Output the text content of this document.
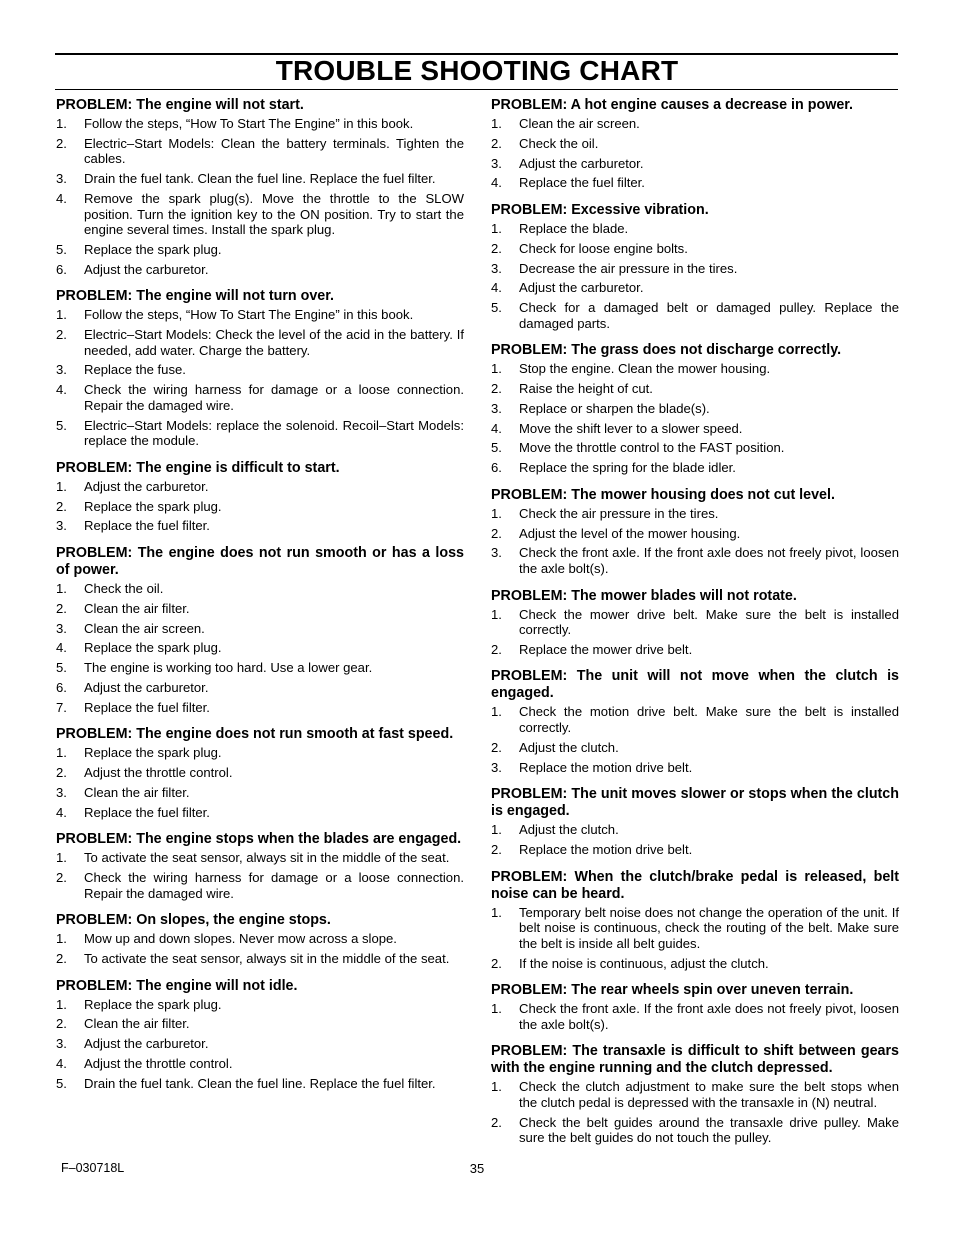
TROUBLE SHOOTING CHART
PROBLEM: The engine will not start.
1.	Follow the steps, “How To Start The Engine” in this book.
2.	Electric–Start Models: Clean the battery terminals. Tighten the cables.
3.	Drain the fuel tank. Clean the fuel line. Replace the fuel filter.
4.	Remove the spark plug(s). Move the throttle to the SLOW position. Turn the ignition key to the ON position. Try to start the engine several times. Install the spark plug.
5.	Replace the spark plug.
6.	Adjust the carburetor.
PROBLEM: The engine will not turn over.
1.	Follow the steps, “How To Start The Engine” in this book.
2.	Electric–Start Models: Check the level of the acid in the battery. If needed, add water. Charge the battery.
3.	Replace the fuse.
4.	Check the wiring harness for damage or a loose connection. Repair the damaged wire.
5.	Electric–Start Models: replace the solenoid. Recoil–Start Models: replace the module.
PROBLEM: The engine is difficult to start.
1.	Adjust the carburetor.
2.	Replace the spark plug.
3.	Replace the fuel filter.
PROBLEM: The engine does not run smooth or has a loss of power.
1.	Check the oil.
2.	Clean the air filter.
3.	Clean the air screen.
4.	Replace the spark plug.
5.	The engine is working too hard. Use a lower gear.
6.	Adjust the carburetor.
7.	Replace the fuel filter.
PROBLEM: The engine does not run smooth at fast speed.
1.	Replace the spark plug.
2.	Adjust the throttle control.
3.	Clean the air filter.
4.	Replace the fuel filter.
PROBLEM: The engine stops when the blades are engaged.
1.	To activate the seat sensor, always sit in the middle of the seat.
2.	Check the wiring harness for damage or a loose connection. Repair the damaged wire.
PROBLEM: On slopes, the engine stops.
1.	Mow up and down slopes. Never mow across a slope.
2.	To activate the seat sensor, always sit in the middle of the seat.
PROBLEM: The engine will not idle.
1.	Replace the spark plug.
2.	Clean the air filter.
3.	Adjust the carburetor.
4.	Adjust the throttle control.
5.	Drain the fuel tank. Clean the fuel line. Replace the fuel filter.
PROBLEM: A hot engine causes a decrease in power.
1.	Clean the air screen.
2.	Check the oil.
3.	Adjust the carburetor.
4.	Replace the fuel filter.
PROBLEM: Excessive vibration.
1.	Replace the blade.
2.	Check for loose engine bolts.
3.	Decrease the air pressure in the tires.
4.	Adjust the carburetor.
5.	Check for a damaged belt or damaged pulley. Replace the damaged parts.
PROBLEM: The grass does not discharge correctly.
1.	Stop the engine. Clean the mower housing.
2.	Raise the height of cut.
3.	Replace or sharpen the blade(s).
4.	Move the shift lever to a slower speed.
5.	Move the throttle control to the FAST position.
6.	Replace the spring for the blade idler.
PROBLEM: The mower housing does not cut level.
1.	Check the air pressure in the tires.
2.	Adjust the level of the mower housing.
3.	Check the front axle. If the front axle does not freely pivot, loosen the axle bolt(s).
PROBLEM: The mower blades will not rotate.
1.	Check the mower drive belt. Make sure the belt is installed correctly.
2.	Replace the mower drive belt.
PROBLEM: The unit will not move when the clutch is engaged.
1.	Check the motion drive belt. Make sure the belt is installed correctly.
2.	Adjust the clutch.
3.	Replace the motion drive belt.
PROBLEM: The unit moves slower or stops when the clutch is engaged.
1.	Adjust the clutch.
2.	Replace the motion drive belt.
PROBLEM: When the clutch/brake pedal is released, belt noise can be heard.
1.	Temporary belt noise does not change the operation of the unit. If belt noise is continuous, check the routing of the belt. Make sure the belt is inside all belt guides.
2.	If the noise is continuous, adjust the clutch.
PROBLEM: The rear wheels spin over uneven terrain.
1.	Check the front axle. If the front axle does not freely pivot, loosen the axle bolt(s).
PROBLEM: The transaxle is difficult to shift between gears with the engine running and the clutch depressed.
1.	Check the clutch adjustment to make sure the belt stops when the clutch pedal is depressed with the transaxle in (N) neutral.
2.	Check the belt guides around the transaxle drive pulley. Make sure the belt guides do not touch the pulley.
F–030718L	35
